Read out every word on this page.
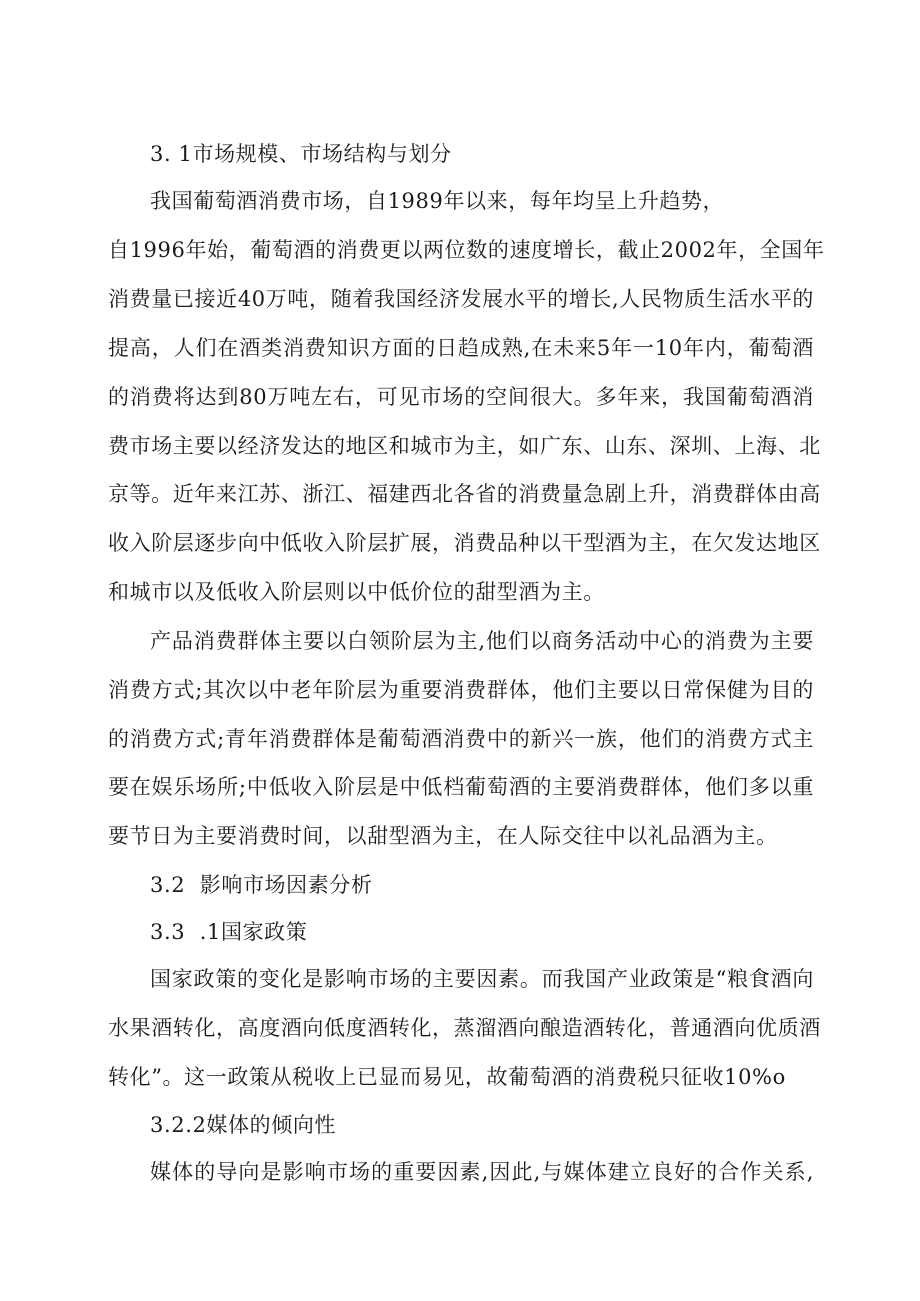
3. 1市场规模、市场结构与划分
我国葡萄酒消费市场，自1989年以来，每年均呈上升趋势，
自1996年始，葡萄酒的消费更以两位数的速度增长，截止2002年，全国年
消费量已接近40万吨，随着我国经济发展水平的增长,人民物质生活水平的
提高，人们在酒类消费知识方面的日趋成熟,在未来5年一10年内，葡萄酒
的消费将达到80万吨左右，可见市场的空间很大。多年来，我国葡萄酒消
费市场主要以经济发达的地区和城市为主，如广东、山东、深圳、上海、北
京等。近年来江苏、浙江、福建西北各省的消费量急剧上升，消费群体由高
收入阶层逐步向中低收入阶层扩展，消费品种以干型酒为主，在欠发达地区
和城市以及低收入阶层则以中低价位的甜型酒为主。
产品消费群体主要以白领阶层为主,他们以商务活动中心的消费为主要
消费方式;其次以中老年阶层为重要消费群体，他们主要以日常保健为目的
的消费方式;青年消费群体是葡萄酒消费中的新兴一族，他们的消费方式主
要在娱乐场所;中低收入阶层是中低档葡萄酒的主要消费群体，他们多以重
要节日为主要消费时间，以甜型酒为主，在人际交往中以礼品酒为主。
3.2  影响市场因素分析
3.3  .1国家政策
国家政策的变化是影响市场的主要因素。而我国产业政策是“粮食酒向
水果酒转化，高度酒向低度酒转化，蒸溜酒向酿造酒转化，普通酒向优质酒
转化”。这一政策从税收上已显而易见，故葡萄酒的消费税只征收10%o
3.2.2媒体的倾向性
媒体的导向是影响市场的重要因素,因此,与媒体建立良好的合作关系,
